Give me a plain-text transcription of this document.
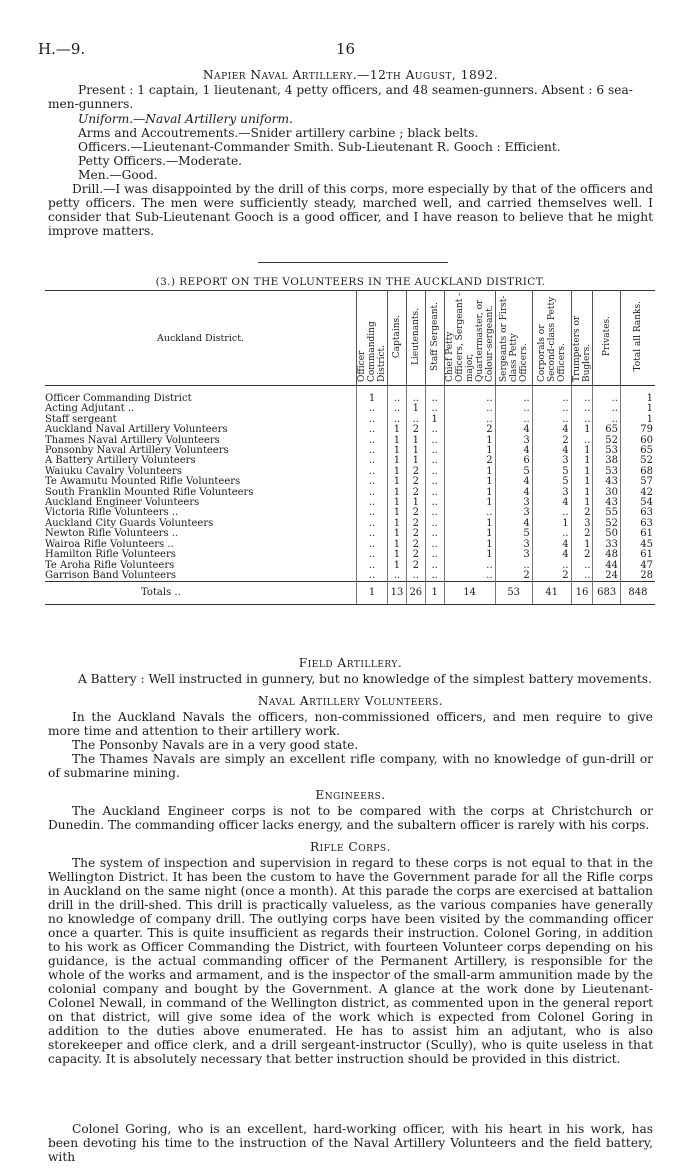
H.—9.	16
Napier Naval Artillery.—12th August, 1892.
Present : 1 captain, 1 lieutenant, 4 petty officers, and 48 seamen-gunners. Absent : 6 sea-
men-gunners.
Uniform.—Naval Artillery uniform.
Arms and Accoutrements.—Snider artillery carbine ; black belts.
Officers.—Lieutenant-Commander Smith. Sub-Lieutenant R. Gooch : Efficient.
Petty Officers.—Moderate.
Men.—Good.
Drill.—I was disappointed by the drill of this corps, more especially by that of the officers and petty officers. The men were sufficiently steady, marched well, and carried themselves well. I consider that Sub-Lieutenant Gooch is a good officer, and I have reason to believe that he might improve matters.
(3.) REPORT ON THE VOLUNTEERS IN THE AUCKLAND DISTRICT.
Auckland District.	Officer Commanding District.	Captains.	Lieutenants.	Staff Sergeant.	Chief Petty Officers, Sergeant - major, Quartermaster, or Colour-sergeant.	Sergeants or First-class Petty Officers.	Corporals or Second-class Petty Officers.	Trumpeters or Buglers.	Privates.	Total all Ranks.
Officer Commanding District	1	..	..	..	..	..	..	..	..	1
Acting Adjutant ..	..	..	1	..	..	..	..	..	..	1
Staff sergeant	..	..	..	1	..	..	..	..	..	1
Auckland Naval Artillery Volunteers	..	1	2	..	2	4	4	1	65	79
Thames Naval Artillery Volunteers	..	1	1	..	1	3	2	..	52	60
Ponsonby Naval Artillery Volunteers	..	1	1	..	1	4	4	1	53	65
A Battery Artillery Volunteers	..	1	1	..	2	6	3	1	38	52
Waiuku Cavalry Volunteers	..	1	2	..	1	5	5	1	53	68
Te Awamutu Mounted Rifle Volunteers	..	1	2	..	1	4	5	1	43	57
South Franklin Mounted Rifle Volunteers	..	1	2	..	1	4	3	1	30	42
Auckland Engineer Volunteers	..	1	1	..	1	3	4	1	43	54
Victoria Rifle Volunteers ..	..	1	2	..	..	3	..	2	55	63
Auckland City Guards Volunteers	..	1	2	..	1	4	1	3	52	63
Newton Rifle Volunteers ..	..	1	2	..	1	5	..	2	50	61
Wairoa Rifle Volunteers ..	..	1	2	..	1	3	4	1	33	45
Hamilton Rifle Volunteers	..	1	2	..	1	3	4	2	48	61
Te Aroha Rifle Volunteers	..	1	2	..	..	..	..	..	44	47
Garrison Band Volunteers	..	..	..	..	..	2	2	..	24	28
Totals ..	1	13	26	1	14	53	41	16	683	848
Field Artillery.
A Battery : Well instructed in gunnery, but no knowledge of the simplest battery movements.
Naval Artillery Volunteers.
In the Auckland Navals the officers, non-commissioned officers, and men require to give more time and attention to their artillery work.
The Ponsonby Navals are in a very good state.
The Thames Navals are simply an excellent rifle company, with no knowledge of gun-drill or of submarine mining.
Engineers.
The Auckland Engineer corps is not to be compared with the corps at Christchurch or Dunedin. The commanding officer lacks energy, and the subaltern officer is rarely with his corps.
Rifle Corps.
The system of inspection and supervision in regard to these corps is not equal to that in the Wellington District. It has been the custom to have the Government parade for all the Rifle corps in Auckland on the same night (once a month). At this parade the corps are exercised at battalion drill in the drill-shed. This drill is practically valueless, as the various companies have generally no knowledge of company drill. The outlying corps have been visited by the commanding officer once a quarter. This is quite insufficient as regards their instruction. Colonel Goring, in addition to his work as Officer Commanding the District, with fourteen Volunteer corps depending on his guidance, is the actual commanding officer of the Permanent Artillery, is responsible for the whole of the works and armament, and is the inspector of the small-arm ammunition made by the colonial company and bought by the Government. A glance at the work done by Lieutenant-Colonel Newall, in command of the Wellington district, as commented upon in the general report on that district, will give some idea of the work which is expected from Colonel Goring in addition to the duties above enumerated. He has to assist him an adjutant, who is also storekeeper and office clerk, and a drill sergeant-instructor (Scully), who is quite useless in that capacity. It is absolutely necessary that better instruction should be provided in this district.
Colonel Goring, who is an excellent, hard-working officer, with his heart in his work, has been devoting his time to the instruction of the Naval Artillery Volunteers and the field battery, with
